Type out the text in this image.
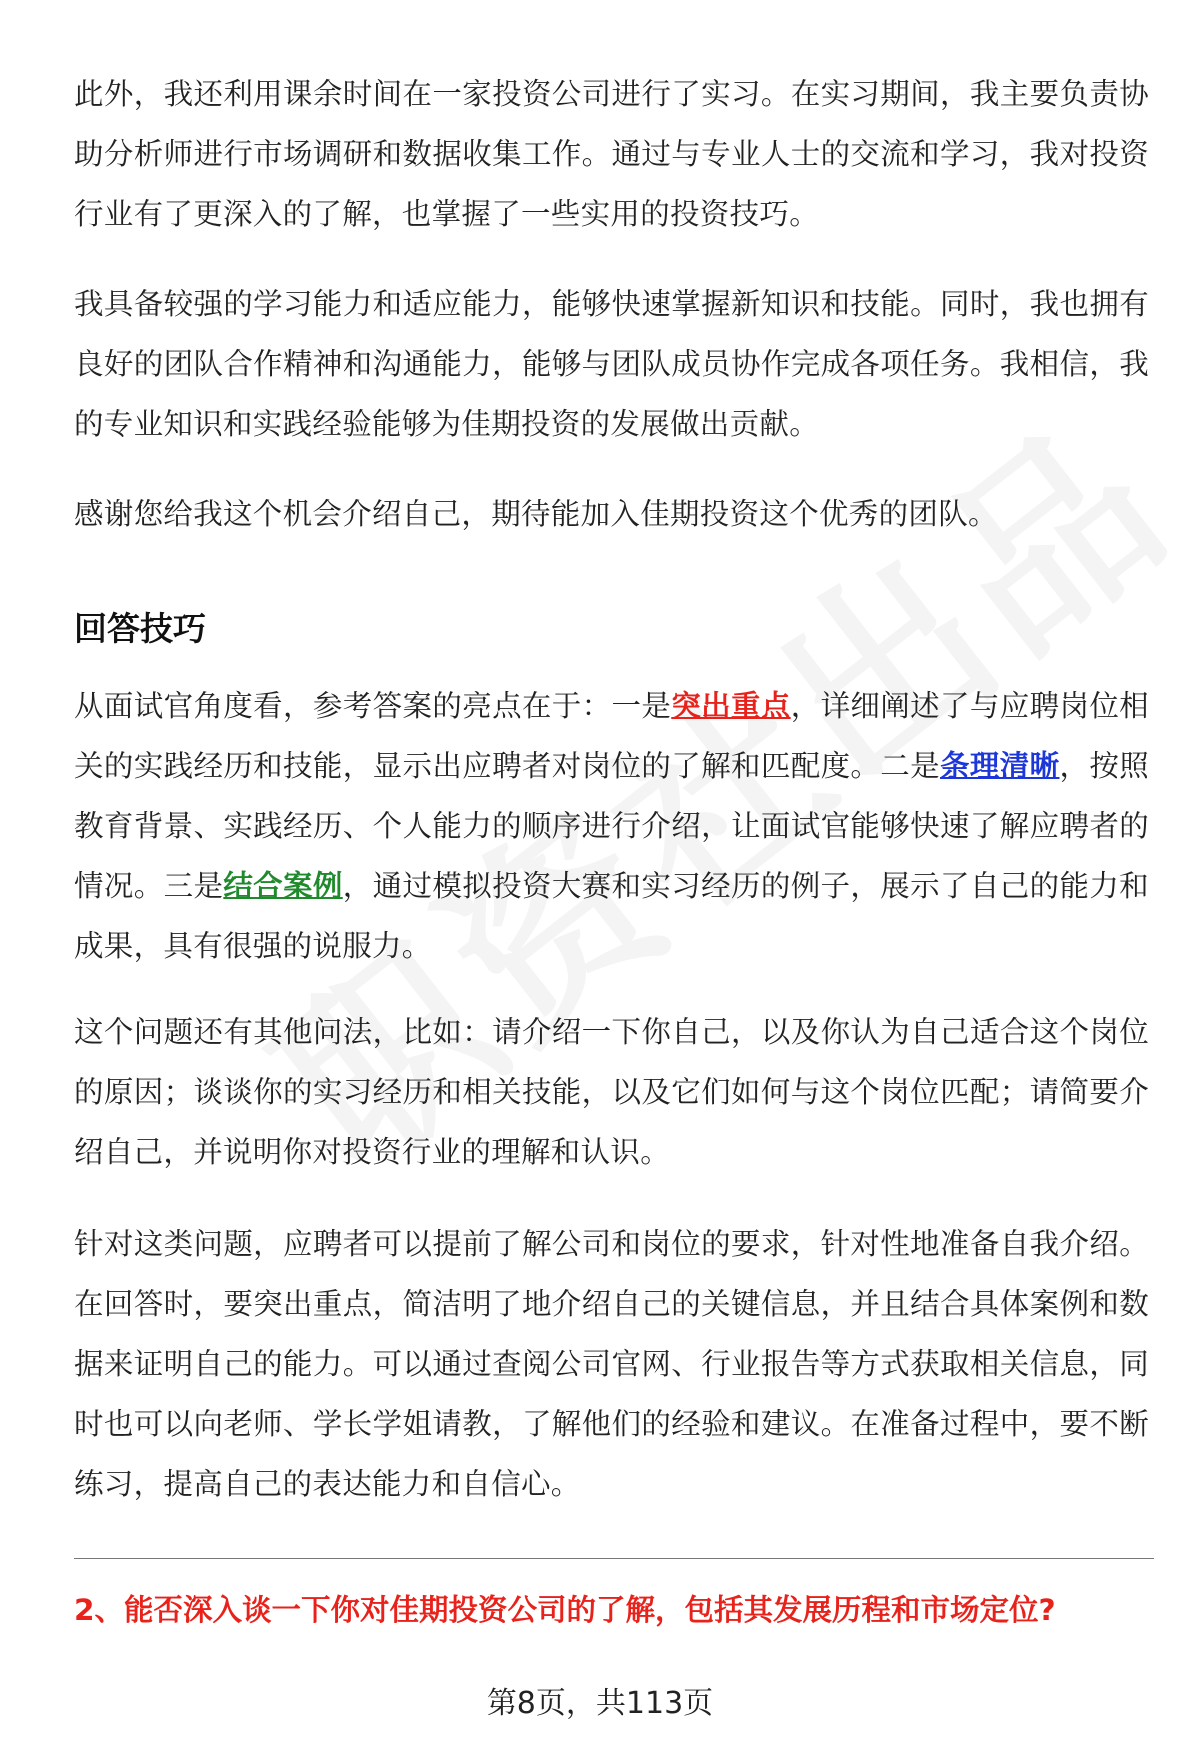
此外，我还利用课余时间在一家投资公司进行了实习。在实习期间，我主要负责协助分析师进行市场调研和数据收集工作。通过与专业人士的交流和学习，我对投资行业有了更深入的了解，也掌握了一些实用的投资技巧。

我具备较强的学习能力和适应能力，能够快速掌握新知识和技能。同时，我也拥有良好的团队合作精神和沟通能力，能够与团队成员协作完成各项任务。我相信，我的专业知识和实践经验能够为佳期投资的发展做出贡献。

感谢您给我这个机会介绍自己，期待能加入佳期投资这个优秀的团队。

回答技巧

从面试官角度看，参考答案的亮点在于：一是突出重点，详细阐述了与应聘岗位相关的实践经历和技能，显示出应聘者对岗位的了解和匹配度。二是条理清晰，按照教育背景、实践经历、个人能力的顺序进行介绍，让面试官能够快速了解应聘者的情况。三是结合案例，通过模拟投资大赛和实习经历的例子，展示了自己的能力和成果，具有很强的说服力。

这个问题还有其他问法，比如：请介绍一下你自己，以及你认为自己适合这个岗位的原因；谈谈你的实习经历和相关技能，以及它们如何与这个岗位匹配；请简要介绍自己，并说明你对投资行业的理解和认识。

针对这类问题，应聘者可以提前了解公司和岗位的要求，针对性地准备自我介绍。在回答时，要突出重点，简洁明了地介绍自己的关键信息，并且结合具体案例和数据来证明自己的能力。可以通过查阅公司官网、行业报告等方式获取相关信息，同时也可以向老师、学长学姐请教，了解他们的经验和建议。在准备过程中，要不断练习，提高自己的表达能力和自信心。

2、能否深入谈一下你对佳期投资公司的了解，包括其发展历程和市场定位?

第8页，共113页
